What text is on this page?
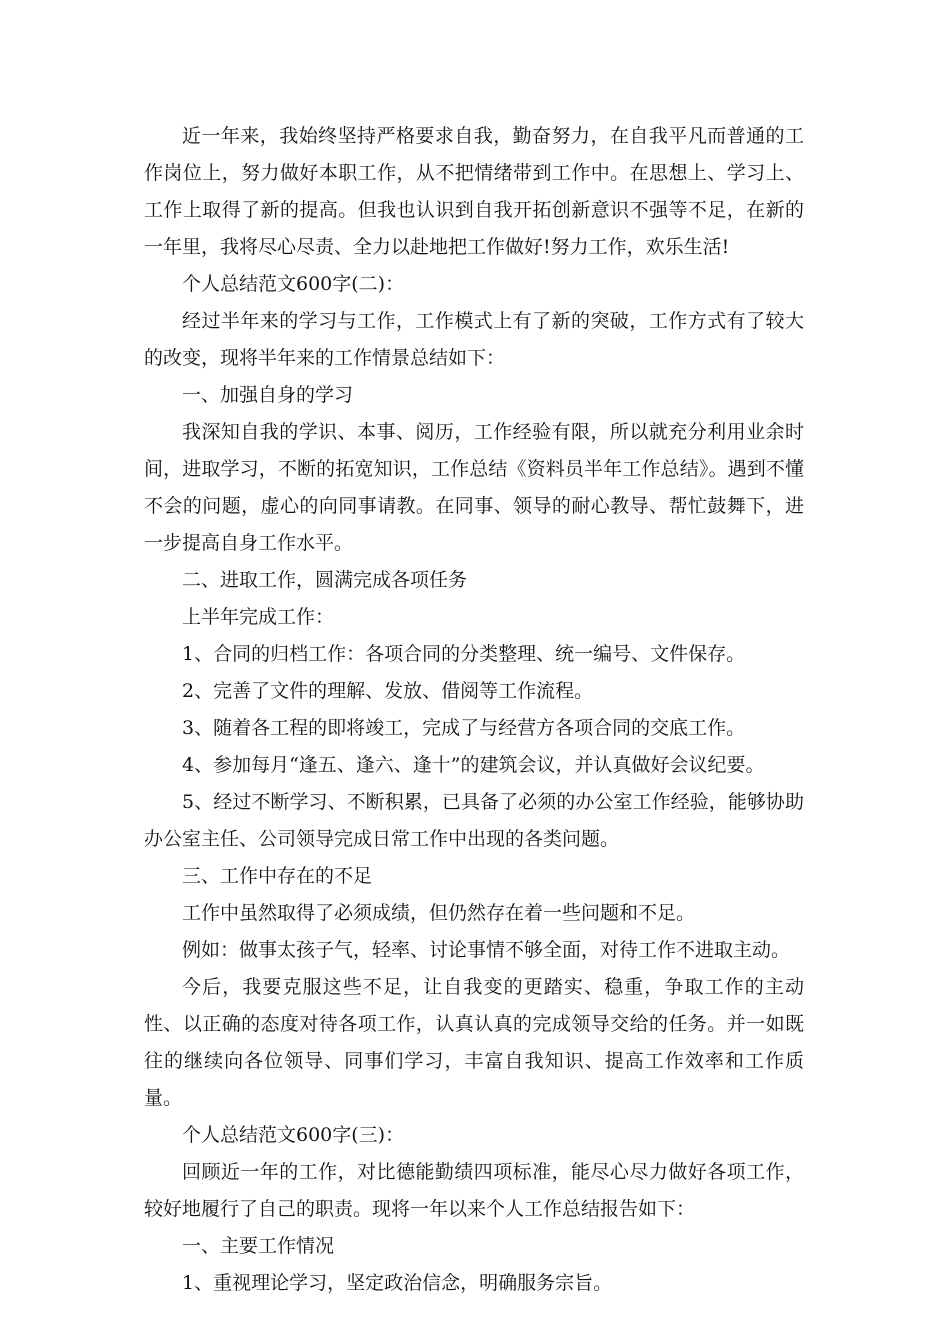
近一年来，我始终坚持严格要求自我，勤奋努力，在自我平凡而普通的工作岗位上，努力做好本职工作，从不把情绪带到工作中。在思想上、学习上、工作上取得了新的提高。但我也认识到自我开拓创新意识不强等不足，在新的一年里，我将尽心尽责、全力以赴地把工作做好!努力工作，欢乐生活!

个人总结范文600字(二)：

经过半年来的学习与工作，工作模式上有了新的突破，工作方式有了较大的改变，现将半年来的工作情景总结如下：

一、加强自身的学习

我深知自我的学识、本事、阅历，工作经验有限，所以就充分利用业余时间，进取学习，不断的拓宽知识，工作总结《资料员半年工作总结》。遇到不懂不会的问题，虚心的向同事请教。在同事、领导的耐心教导、帮忙鼓舞下，进一步提高自身工作水平。

二、进取工作，圆满完成各项任务

上半年完成工作：

1、合同的归档工作：各项合同的分类整理、统一编号、文件保存。

2、完善了文件的理解、发放、借阅等工作流程。

3、随着各工程的即将竣工，完成了与经营方各项合同的交底工作。

4、参加每月“逢五、逢六、逢十”的建筑会议，并认真做好会议纪要。

5、经过不断学习、不断积累，已具备了必须的办公室工作经验，能够协助办公室主任、公司领导完成日常工作中出现的各类问题。

三、工作中存在的不足

工作中虽然取得了必须成绩，但仍然存在着一些问题和不足。

例如：做事太孩子气，轻率、讨论事情不够全面，对待工作不进取主动。

今后，我要克服这些不足，让自我变的更踏实、稳重，争取工作的主动性、以正确的态度对待各项工作，认真认真的完成领导交给的任务。并一如既往的继续向各位领导、同事们学习，丰富自我知识、提高工作效率和工作质量。

个人总结范文600字(三)：

回顾近一年的工作，对比德能勤绩四项标准，能尽心尽力做好各项工作，较好地履行了自己的职责。现将一年以来个人工作总结报告如下：

一、主要工作情况

1、重视理论学习，坚定政治信念，明确服务宗旨。
